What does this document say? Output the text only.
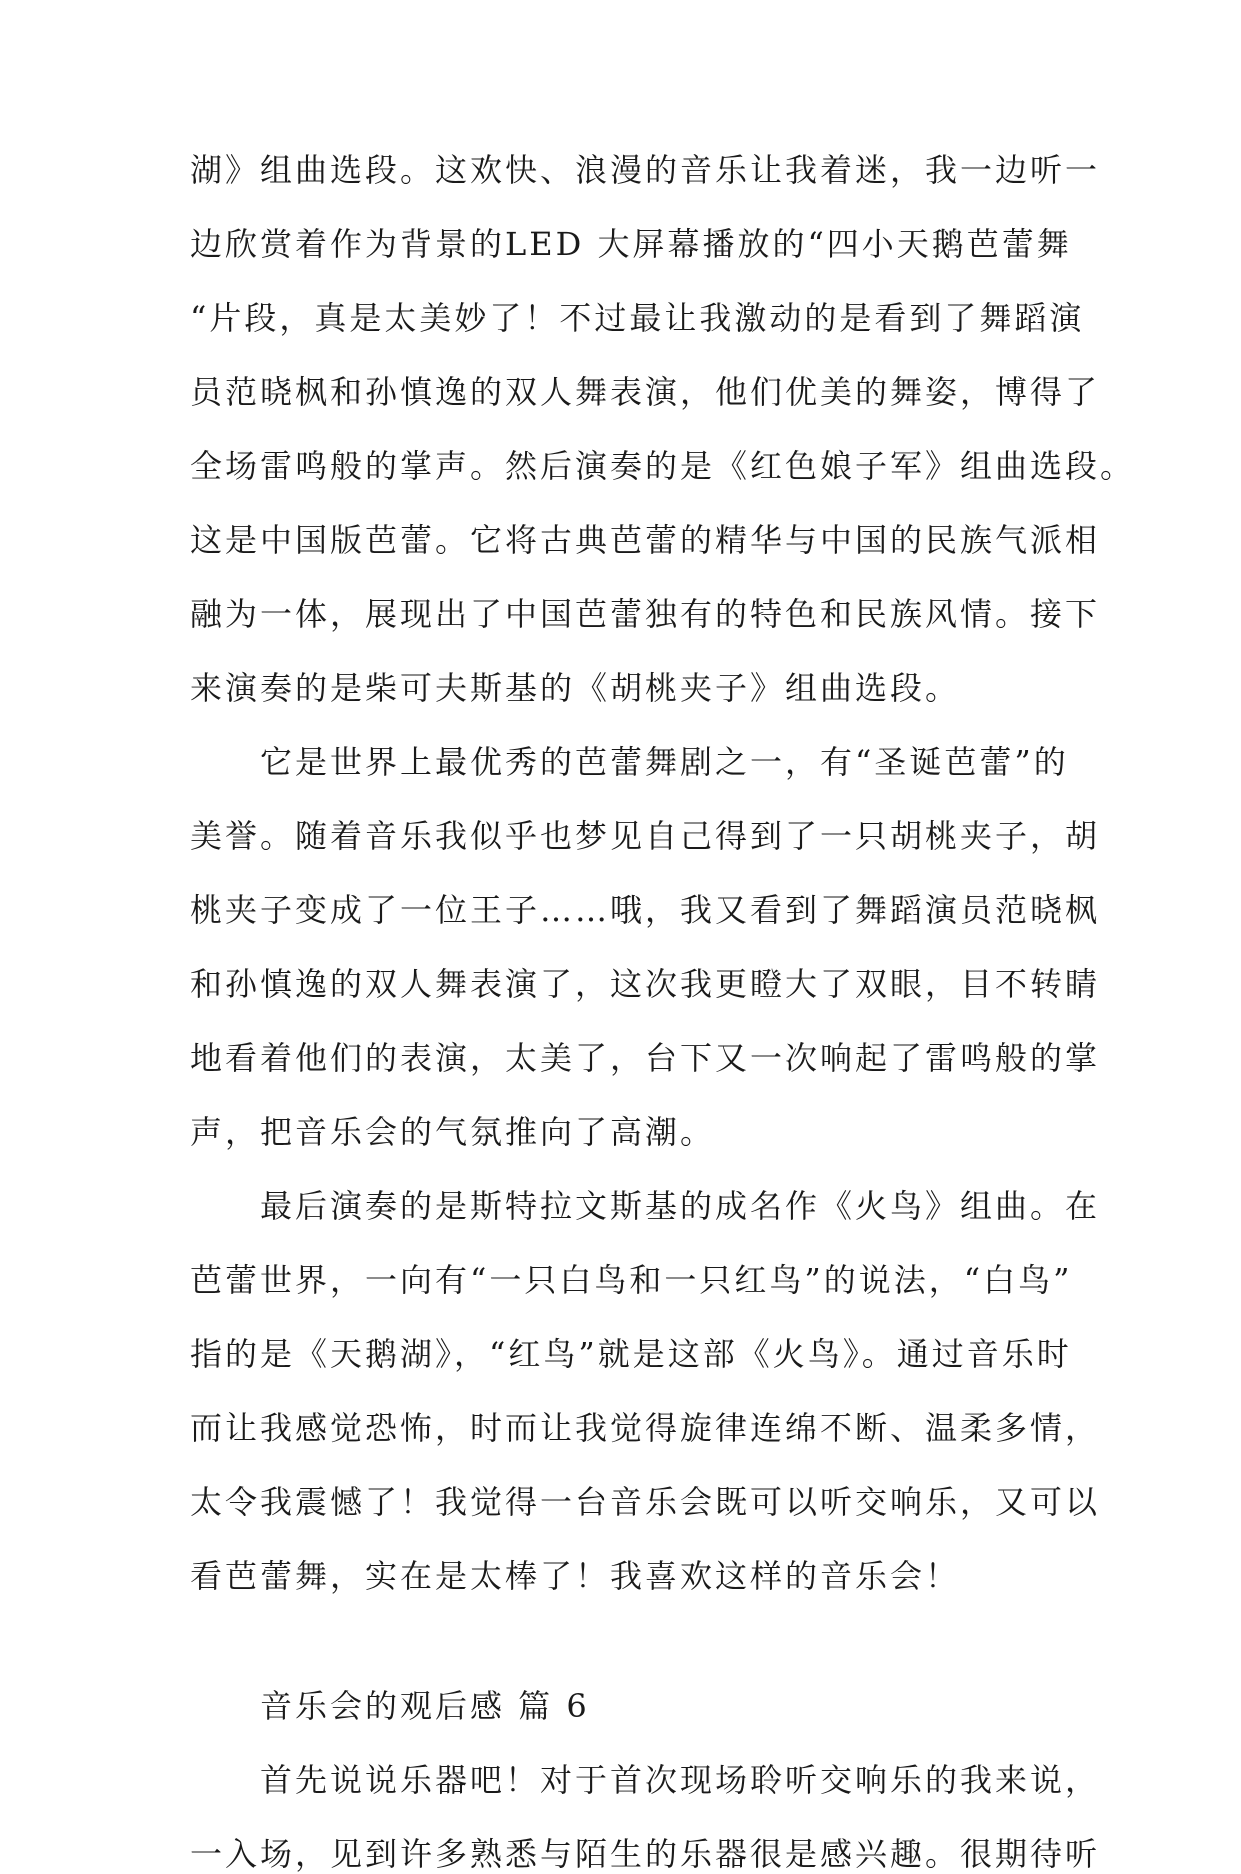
湖》组曲选段。这欢快、浪漫的音乐让我着迷，我一边听一
边欣赏着作为背景的LED 大屏幕播放的“四小天鹅芭蕾舞
“片段，真是太美妙了！不过最让我激动的是看到了舞蹈演
员范晓枫和孙慎逸的双人舞表演，他们优美的舞姿，博得了
全场雷鸣般的掌声。然后演奏的是《红色娘子军》组曲选段。
这是中国版芭蕾。它将古典芭蕾的精华与中国的民族气派相
融为一体，展现出了中国芭蕾独有的特色和民族风情。接下
来演奏的是柴可夫斯基的《胡桃夹子》组曲选段。
它是世界上最优秀的芭蕾舞剧之一，有“圣诞芭蕾”的
美誉。随着音乐我似乎也梦见自己得到了一只胡桃夹子，胡
桃夹子变成了一位王子……哦，我又看到了舞蹈演员范晓枫
和孙慎逸的双人舞表演了，这次我更瞪大了双眼，目不转睛
地看着他们的表演，太美了，台下又一次响起了雷鸣般的掌
声，把音乐会的气氛推向了高潮。
最后演奏的是斯特拉文斯基的成名作《火鸟》组曲。在
芭蕾世界，一向有“一只白鸟和一只红鸟”的说法，“白鸟”
指的是《天鹅湖》，“红鸟”就是这部《火鸟》。通过音乐时
而让我感觉恐怖，时而让我觉得旋律连绵不断、温柔多情，
太令我震憾了！我觉得一台音乐会既可以听交响乐，又可以
看芭蕾舞，实在是太棒了！我喜欢这样的音乐会！
音乐会的观后感 篇 6
首先说说乐器吧！对于首次现场聆听交响乐的我来说，
一入场，见到许多熟悉与陌生的乐器很是感兴趣。很期待听
